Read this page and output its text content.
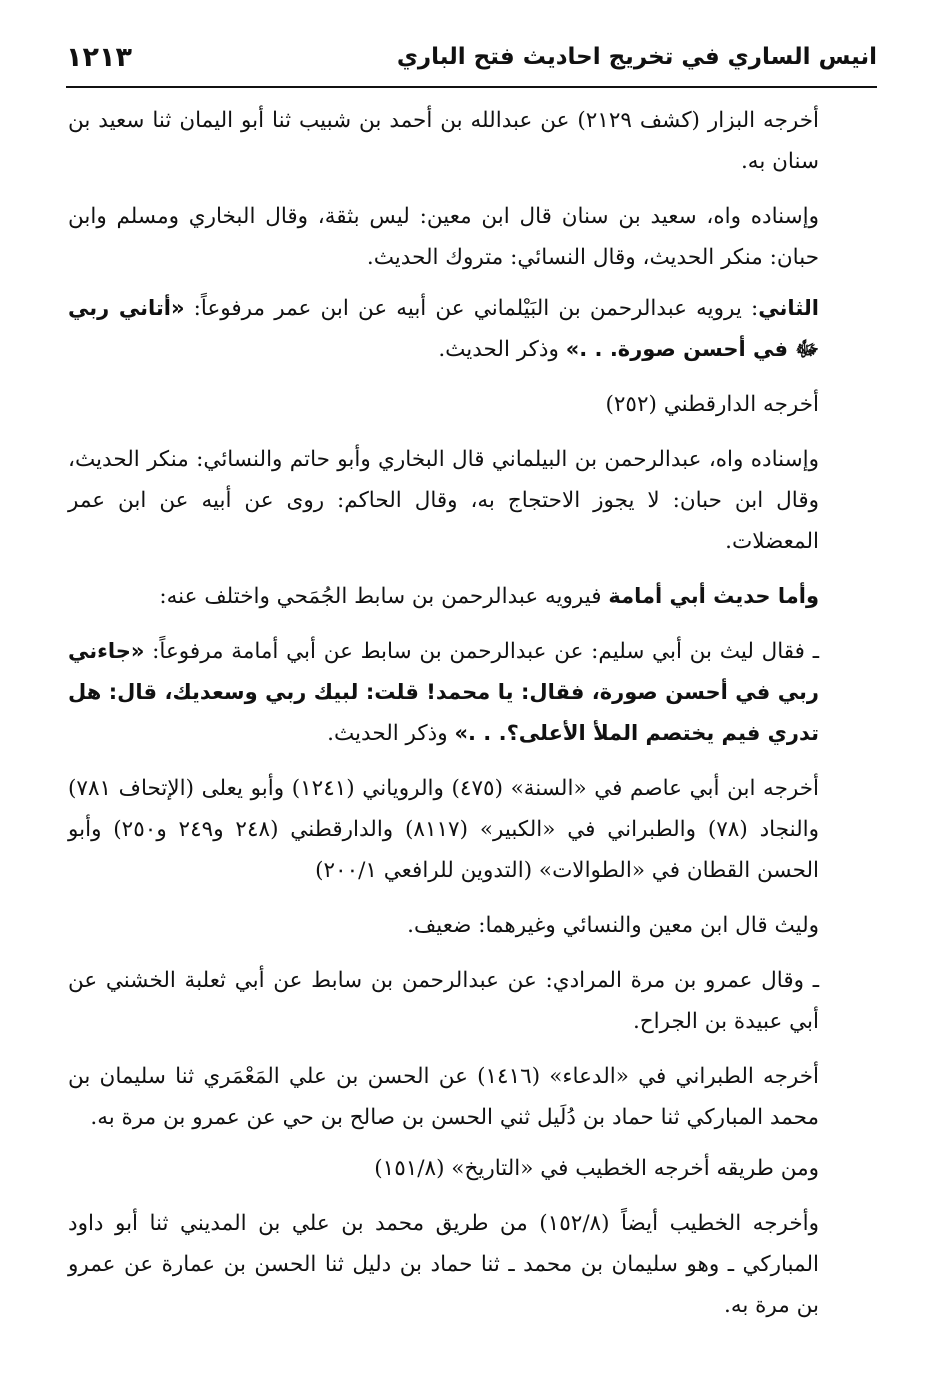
١٢١٣	انيس الساري في تخريج احاديث فتح الباري

أخرجه البزار (كشف ٢١٢٩) عن عبدالله بن أحمد بن شبيب ثنا أبو اليمان ثنا سعيد بن سنان به.

وإسناده واه، سعيد بن سنان قال ابن معين: ليس بثقة، وقال البخاري ومسلم وابن حبان: منكر الحديث، وقال النسائي: متروك الحديث.

الثاني: يرويه عبدالرحمن بن البَيْلماني عن أبيه عن ابن عمر مرفوعاً: «أتاني ربي ﷻ في أحسن صورة. . .» وذكر الحديث.

أخرجه الدارقطني (٢٥٢)

وإسناده واه، عبدالرحمن بن البيلماني قال البخاري وأبو حاتم والنسائي: منكر الحديث، وقال ابن حبان: لا يجوز الاحتجاج به، وقال الحاكم: روى عن أبيه عن ابن عمر المعضلات.

وأما حديث أبي أمامة فيرويه عبدالرحمن بن سابط الجُمَحي واختلف عنه:

ـ فقال ليث بن أبي سليم: عن عبدالرحمن بن سابط عن أبي أمامة مرفوعاً: «جاءني ربي في أحسن صورة، فقال: يا محمد! قلت: لبيك ربي وسعديك، قال: هل تدري فيم يختصم الملأ الأعلى؟. . .» وذكر الحديث.

أخرجه ابن أبي عاصم في «السنة» (٤٧٥) والروياني (١٢٤١) وأبو يعلى (الإتحاف ٧٨١) والنجاد (٧٨) والطبراني في «الكبير» (٨١١٧) والدارقطني (٢٤٨ و٢٤٩ و٢٥٠) وأبو الحسن القطان في «الطوالات» (التدوين للرافعي ٢٠٠/١)

وليث قال ابن معين والنسائي وغيرهما: ضعيف.

ـ وقال عمرو بن مرة المرادي: عن عبدالرحمن بن سابط عن أبي ثعلبة الخشني عن أبي عبيدة بن الجراح.

أخرجه الطبراني في «الدعاء» (١٤١٦) عن الحسن بن علي المَعْمَري ثنا سليمان بن محمد المباركي ثنا حماد بن دُلَيل ثني الحسن بن صالح بن حي عن عمرو بن مرة به.

ومن طريقه أخرجه الخطيب في «التاريخ» (١٥١/٨)

وأخرجه الخطيب أيضاً (١٥٢/٨) من طريق محمد بن علي بن المديني ثنا أبو داود المباركي ـ وهو سليمان بن محمد ـ ثنا حماد بن دليل ثنا الحسن بن عمارة عن عمرو بن مرة به.
